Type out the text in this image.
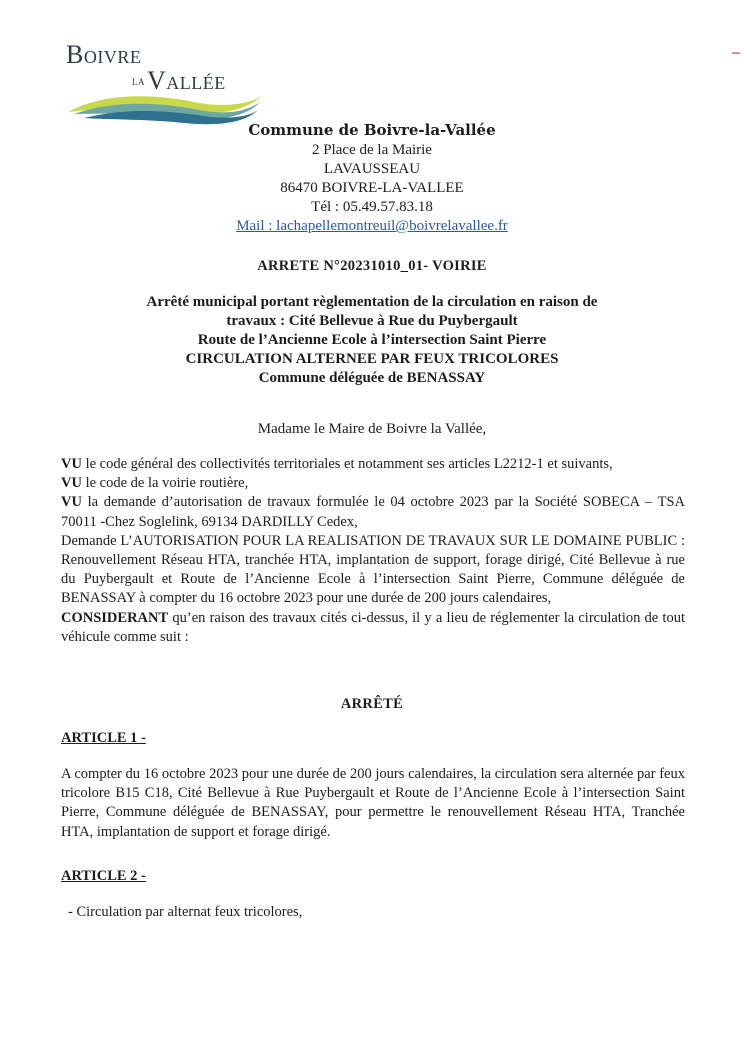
Boivre
laVallée
Commune de Boivre-la-Vallée
2 Place de la Mairie
LAVAUSSEAU
86470 BOIVRE-LA-VALLEE
Tél : 05.49.57.83.18
Mail : lachapellemontreuil@boivrelavallee.fr
ARRETE N°20231010_01- VOIRIE
Arrêté municipal portant règlementation de la circulation en raison de
travaux : Cité Bellevue à Rue du Puybergault
Route de l’Ancienne Ecole à l’intersection Saint Pierre
CIRCULATION ALTERNEE PAR FEUX TRICOLORES
Commune déléguée de BENASSAY
Madame le Maire de Boivre la Vallée,
VU le code général des collectivités territoriales et notamment ses articles L2212-1 et suivants,
VU le code de la voirie routière,
VU la demande d’autorisation de travaux formulée le 04 octobre 2023 par la Société SOBECA – TSA 70011 -Chez Soglelink, 69134 DARDILLY Cedex,
Demande L’AUTORISATION POUR LA REALISATION DE TRAVAUX SUR LE DOMAINE PUBLIC : Renouvellement Réseau HTA, tranchée HTA, implantation de support, forage dirigé, Cité Bellevue à rue du Puybergault et Route de l’Ancienne Ecole à l’intersection Saint Pierre, Commune déléguée de BENASSAY à compter du 16 octobre 2023 pour une durée de 200 jours calendaires,
CONSIDERANT qu’en raison des travaux cités ci-dessus, il y a lieu de réglementer la circulation de tout véhicule comme suit :
ARRÊTÉ
ARTICLE 1 -
A compter du 16 octobre 2023 pour une durée de 200 jours calendaires, la circulation sera alternée par feux tricolore B15 C18, Cité Bellevue à Rue Puybergault et Route de l’Ancienne Ecole à l’intersection Saint Pierre, Commune déléguée de BENASSAY, pour permettre le renouvellement Réseau HTA, Tranchée HTA, implantation de support et forage dirigé.
ARTICLE 2 -
- Circulation par alternat feux tricolores,
